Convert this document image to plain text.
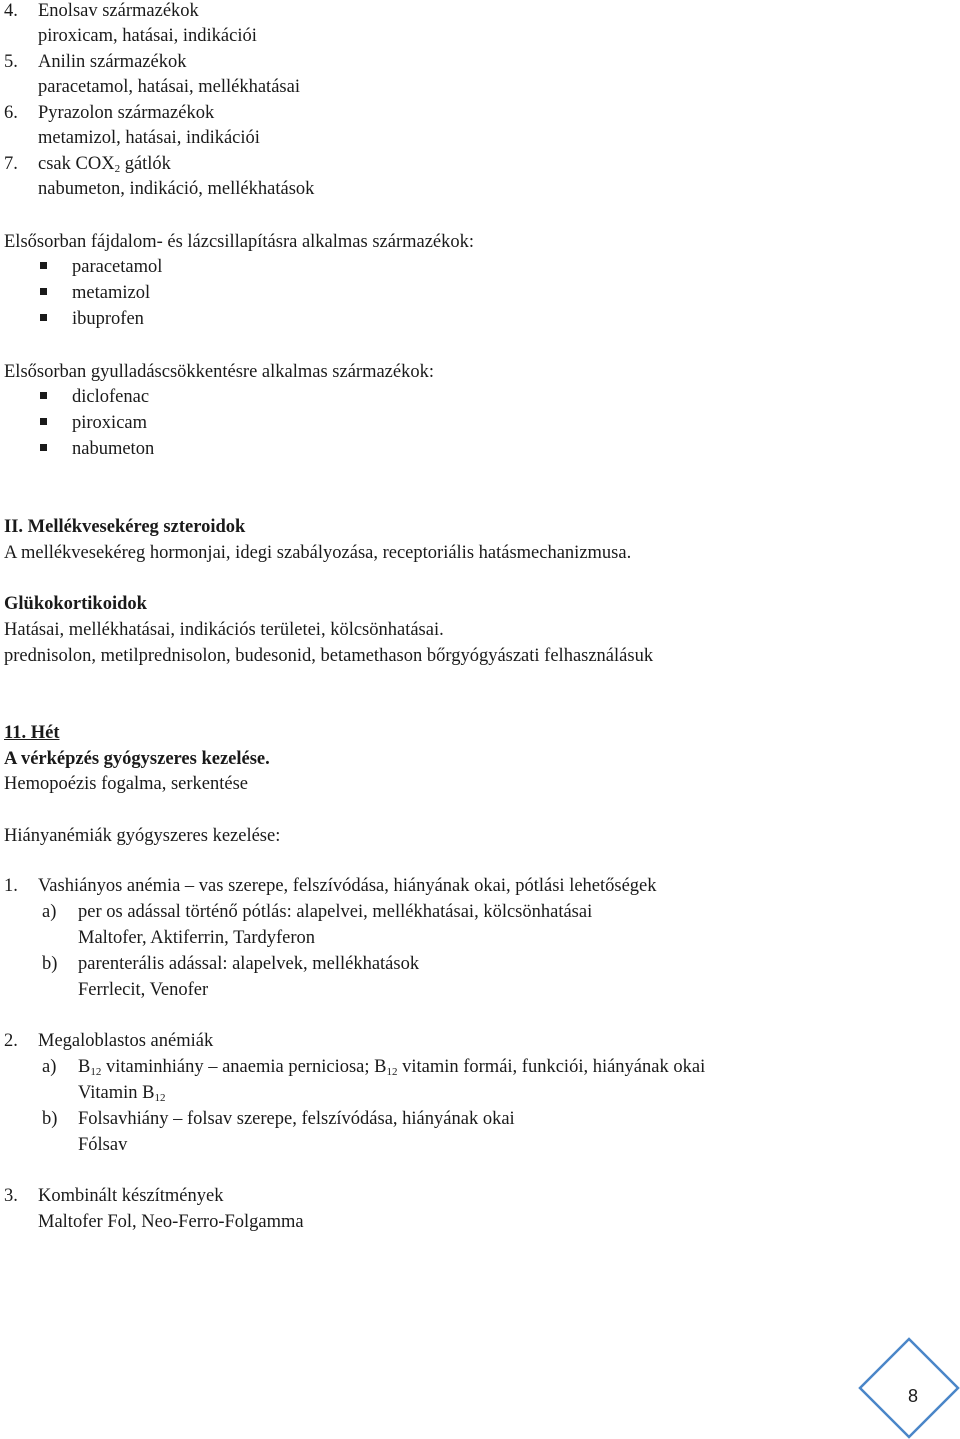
4. Enolsav származékok
piroxicam, hatásai, indikációi
5. Anilin származékok
paracetamol, hatásai, mellékhatásai
6. Pyrazolon származékok
metamizol, hatásai, indikációi
7. csak $COX_2$ gátlók
nabumeton, indikáció, mellékhatások
Elsősorban fájdalom- és lázcsillapításra alkalmas származékok:
paracetamol
metamizol
ibuprofen
Elsősorban gyulladáscsökkentésre alkalmas származékok:
diclofenac
piroxicam
nabumeton
II. Mellékvesekéreg szteroidok
A mellékvesekéreg hormonjai, idegi szabályozása, receptoriális hatásmechanizmusa.
Glükokortikoidok
Hatásai, mellékhatásai, indikációs területei, kölcsönhatásai.
prednisolon, metilprednisolon, budesonid, betamethason bőrgyógyászati felhasználásuk
11. Hét
A vérképzés gyógyszeres kezelése.
Hemopoézis fogalma, serkentése
Hiányanémiák gyógyszeres kezelése:
1. Vashiányos anémia – vas szerepe, felszívódása, hiányának okai, pótlási lehetőségek
a) per os adással történő pótlás: alapelvei, mellékhatásai, kölcsönhatásai
Maltofer, Aktiferrin, Tardyferon
b) parenterális adással: alapelvek, mellékhatások
Ferrlecit, Venofer
2. Megaloblastos anémiák
a) $B_{12}$ vitaminhiány – anaemia perniciosa; $B_{12}$ vitamin formái, funkciói, hiányának okai
Vitamin $B_{12}$
b) Folsavhiány – folsav szerepe, felszívódása, hiányának okai
Fólsav
3. Kombinált készítmények
Maltofer Fol, Neo-Ferro-Folgamma
8
